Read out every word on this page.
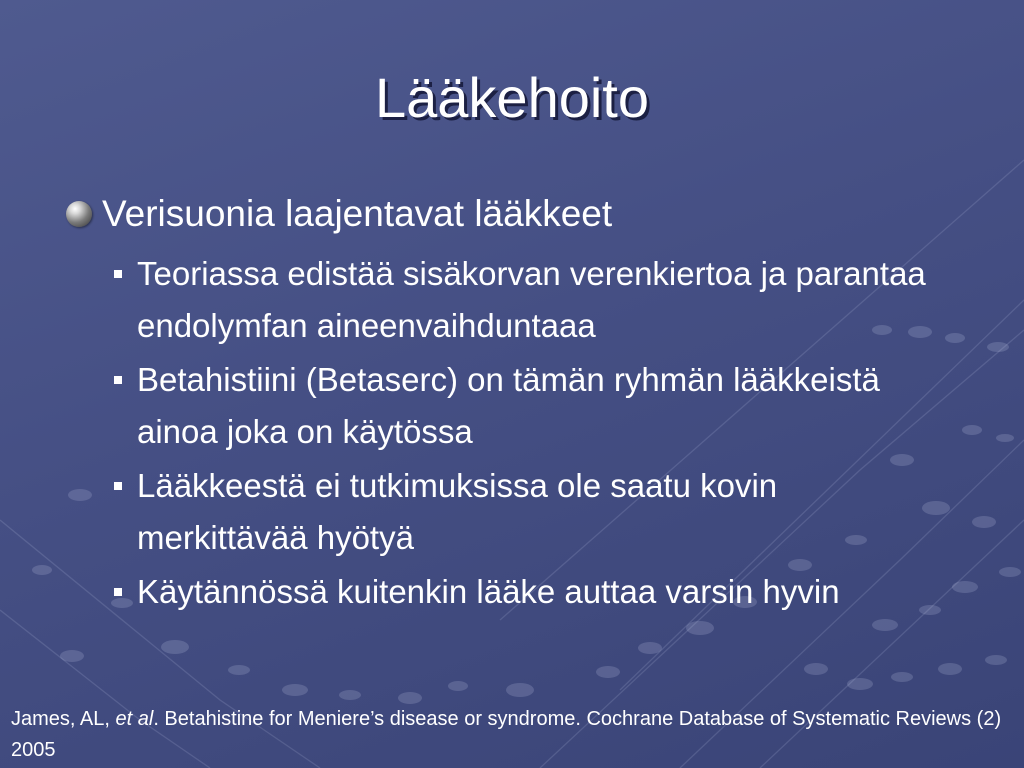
Lääkehoito
Verisuonia laajentavat lääkkeet
Teoriassa edistää sisäkorvan verenkiertoa ja parantaa endolymfan aineenvaihduntaaa
Betahistiini (Betaserc) on tämän ryhmän lääkkeistä ainoa joka on käytössa
Lääkkeestä ei tutkimuksissa ole saatu kovin merkittävää hyötyä
Käytännössä kuitenkin lääke auttaa varsin hyvin
James, AL, et al. Betahistine for Meniere’s disease or syndrome. Cochrane Database of Systematic Reviews (2) 2005
